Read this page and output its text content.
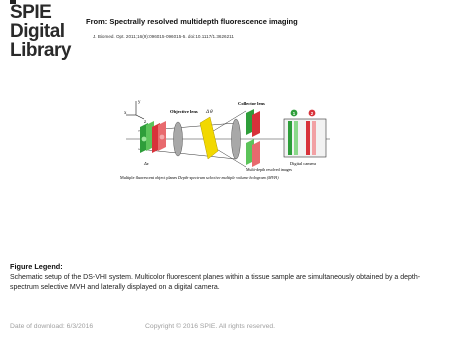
SPIE
Digital
Library
From: Spectrally resolved multidepth fluorescence imaging
J. Biomed. Opt. 2011;16(9):096015-096015-5. doi:10.1117/1.3626211
y
x
z
Δz
Objective lens Δ θ
Collector lens
Multi-depth resolved images
1	2
Digital camera
Multiple fluorescent object planes Depth-spectrum selective multiple volume hologram (MVH)
Figure Legend:
Schematic setup of the DS-VHI system. Multicolor fluorescent planes within a tissue sample are simultaneously obtained by a depth-spectrum selective MVH and laterally displayed on a digital camera.
Date of download: 6/3/2016	Copyright © 2016 SPIE. All rights reserved.
